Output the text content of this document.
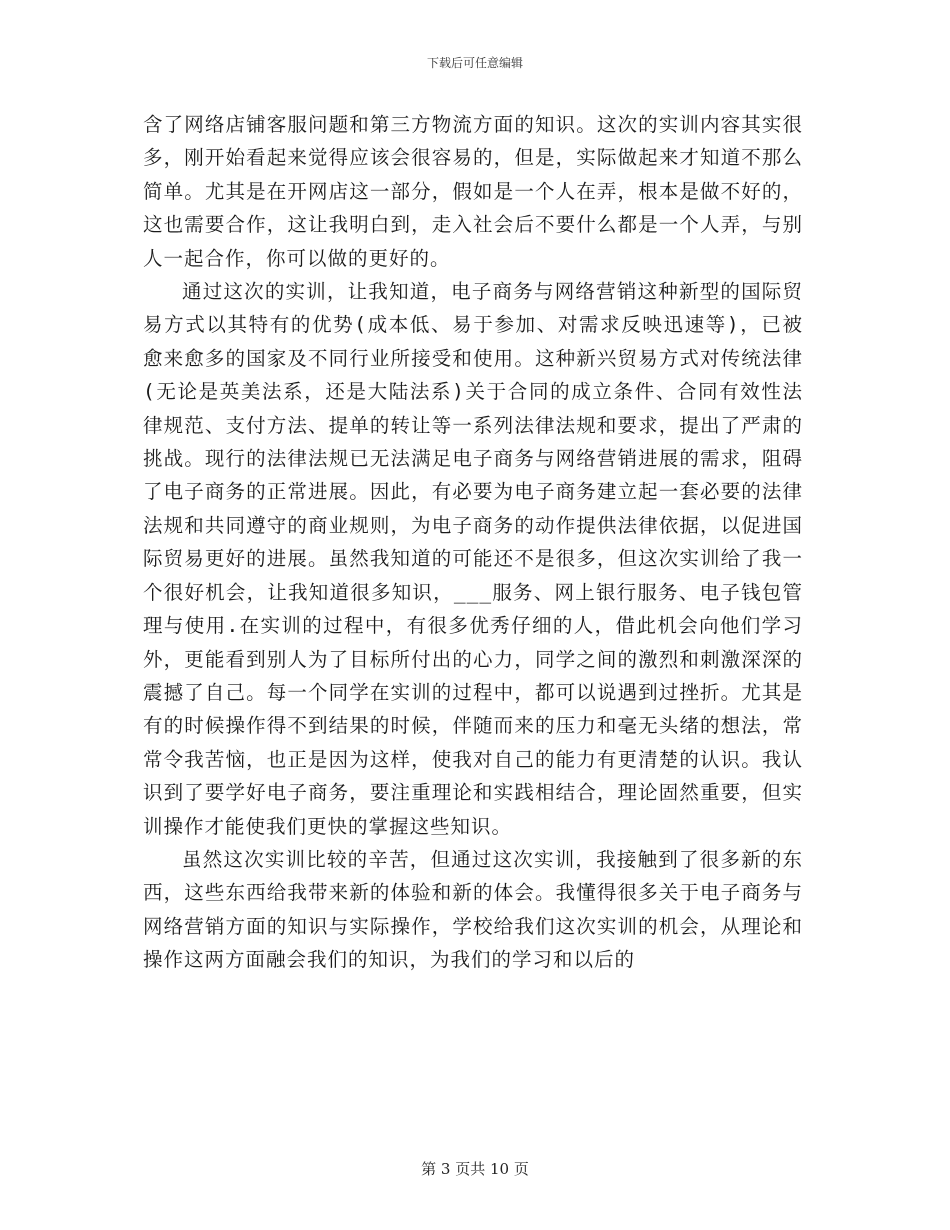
下载后可任意编辑

含了网络店铺客服问题和第三方物流方面的知识。这次的实训内容其实很多，刚开始看起来觉得应该会很容易的，但是，实际做起来才知道不那么简单。尤其是在开网店这一部分，假如是一个人在弄，根本是做不好的，这也需要合作，这让我明白到，走入社会后不要什么都是一个人弄，与别人一起合作，你可以做的更好的。

通过这次的实训，让我知道，电子商务与网络营销这种新型的国际贸易方式以其特有的优势(成本低、易于参加、对需求反映迅速等)，已被愈来愈多的国家及不同行业所接受和使用。这种新兴贸易方式对传统法律(无论是英美法系，还是大陆法系)关于合同的成立条件、合同有效性法律规范、支付方法、提单的转让等一系列法律法规和要求，提出了严肃的挑战。现行的法律法规已无法满足电子商务与网络营销进展的需求，阻碍了电子商务的正常进展。因此，有必要为电子商务建立起一套必要的法律法规和共同遵守的商业规则，为电子商务的动作提供法律依据，以促进国际贸易更好的进展。虽然我知道的可能还不是很多，但这次实训给了我一个很好机会，让我知道很多知识，___服务、网上银行服务、电子钱包管理与使用.在实训的过程中，有很多优秀仔细的人，借此机会向他们学习外，更能看到别人为了目标所付出的心力，同学之间的激烈和刺激深深的震撼了自己。每一个同学在实训的过程中，都可以说遇到过挫折。尤其是有的时候操作得不到结果的时候，伴随而来的压力和毫无头绪的想法，常常令我苦恼，也正是因为这样，使我对自己的能力有更清楚的认识。我认识到了要学好电子商务，要注重理论和实践相结合，理论固然重要，但实训操作才能使我们更快的掌握这些知识。

虽然这次实训比较的辛苦，但通过这次实训，我接触到了很多新的东西，这些东西给我带来新的体验和新的体会。我懂得很多关于电子商务与网络营销方面的知识与实际操作，学校给我们这次实训的机会，从理论和操作这两方面融会我们的知识，为我们的学习和以后的

第 3 页共 10 页
